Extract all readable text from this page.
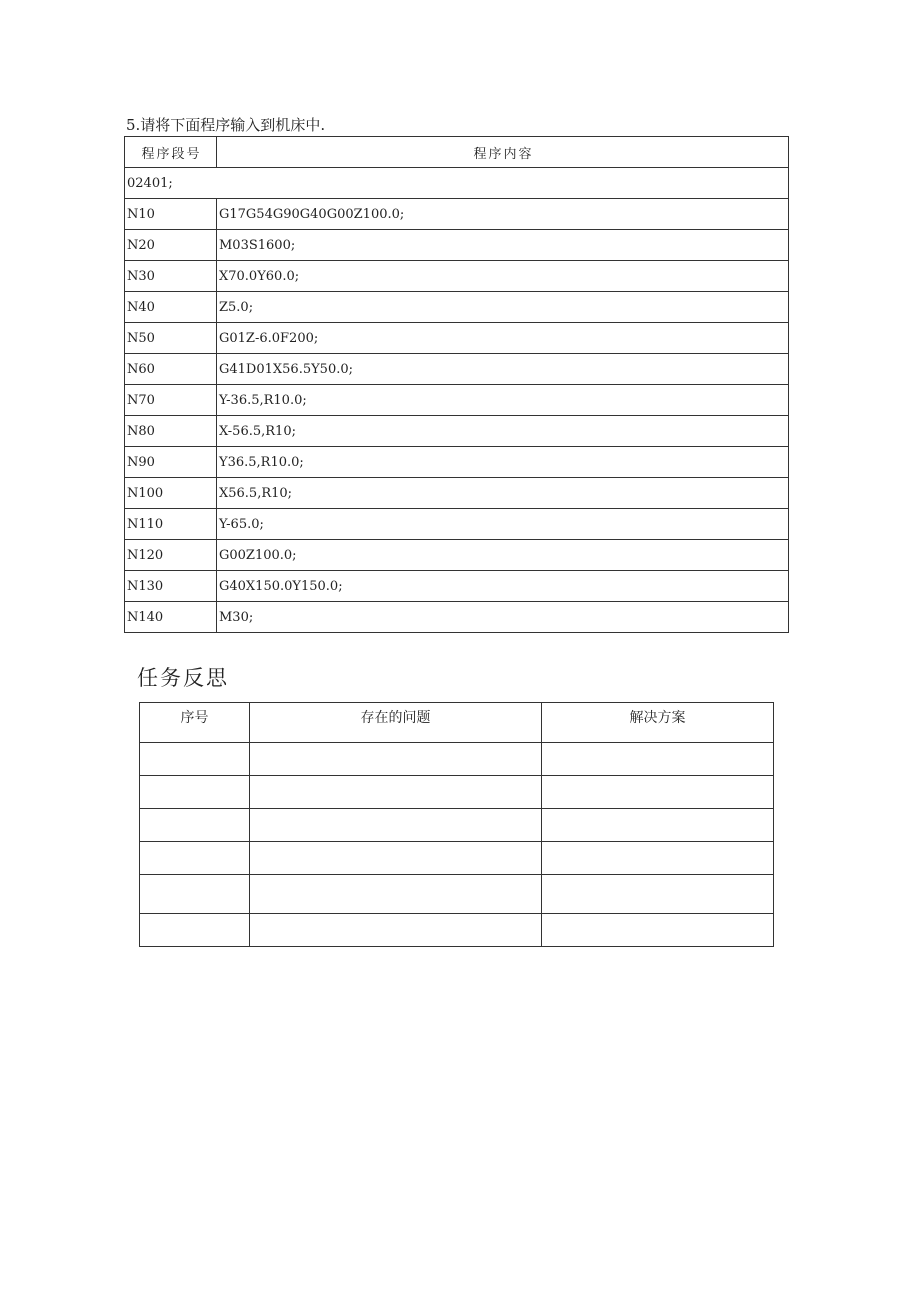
5.请将下面程序输入到机床中.
程序段号	程序内容
02401;	
N10	G17G54G90G40G00Z100.0;
N20	M03S1600;
N30	X70.0Y60.0;
N40	Z5.0;
N50	G01Z-6.0F200;
N60	G41D01X56.5Y50.0;
N70	Y-36.5,R10.0;
N80	X-56.5,R10;
N90	Y36.5,R10.0;
N100	X56.5,R10;
N110	Y-65.0;
N120	G00Z100.0;
N130	G40X150.0Y150.0;
N140	M30;
任务反思
序号	存在的问题	解决方案
